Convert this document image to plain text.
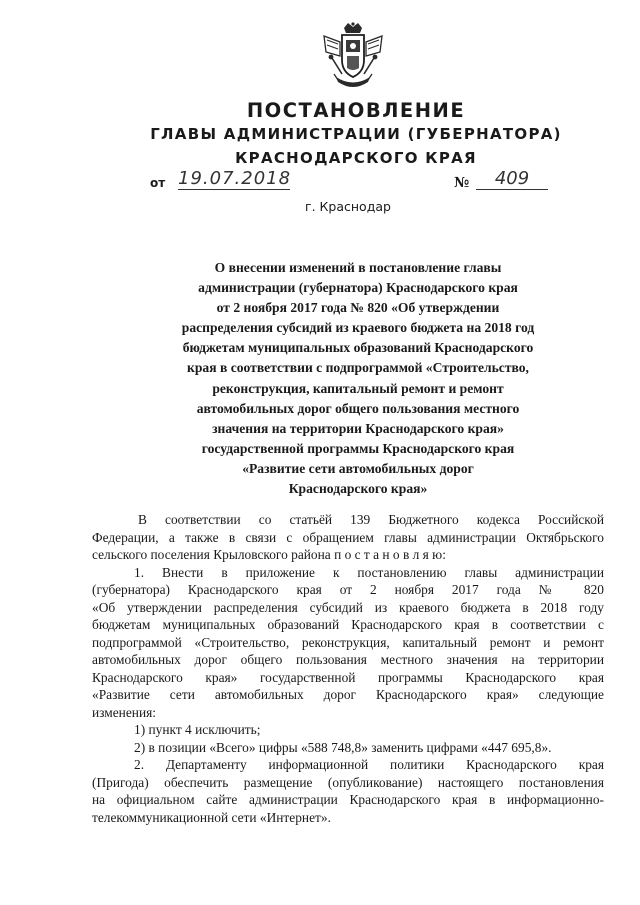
ПОСТАНОВЛЕНИЕ
ГЛАВЫ АДМИНИСТРАЦИИ (ГУБЕРНАТОРА)
КРАСНОДАРСКОГО КРАЯ
от 19.07.2018	№	409
г. Краснодар
О внесении изменений в постановление главы
администрации (губернатора) Краснодарского края
от 2 ноября 2017 года № 820 «Об утверждении
распределения субсидий из краевого бюджета на 2018 год
бюджетам муниципальных образований Краснодарского
края в соответствии с подпрограммой «Строительство,
реконструкция, капитальный ремонт и ремонт
автомобильных дорог общего пользования местного
значения на территории Краснодарского края»
государственной программы Краснодарского края
«Развитие сети автомобильных дорог
Краснодарского края»
В соответствии со статьёй 139 Бюджетного кодекса Российской
Федерации, а также в связи с обращением главы администрации Октябрьского
сельского поселения Крыловского района п о с т а н о в л я ю:
1. Внести в приложение к постановлению главы администрации
(губернатора) Краснодарского края от 2 ноября 2017 года № 820
«Об утверждении распределения субсидий из краевого бюджета в 2018 году
бюджетам муниципальных образований Краснодарского края в соответствии с
подпрограммой «Строительство, реконструкция, капитальный ремонт и ремонт
автомобильных дорог общего пользования местного значения на территории
Краснодарского края» государственной программы Краснодарского края
«Развитие сети автомобильных дорог Краснодарского края» следующие
изменения:
1) пункт 4 исключить;
2) в позиции «Всего» цифры «588 748,8» заменить цифрами «447 695,8».
2. Департаменту информационной политики Краснодарского края
(Пригода) обеспечить размещение (опубликование) настоящего постановления
на официальном сайте администрации Краснодарского края в информационно-
телекоммуникационной сети «Интернет».
